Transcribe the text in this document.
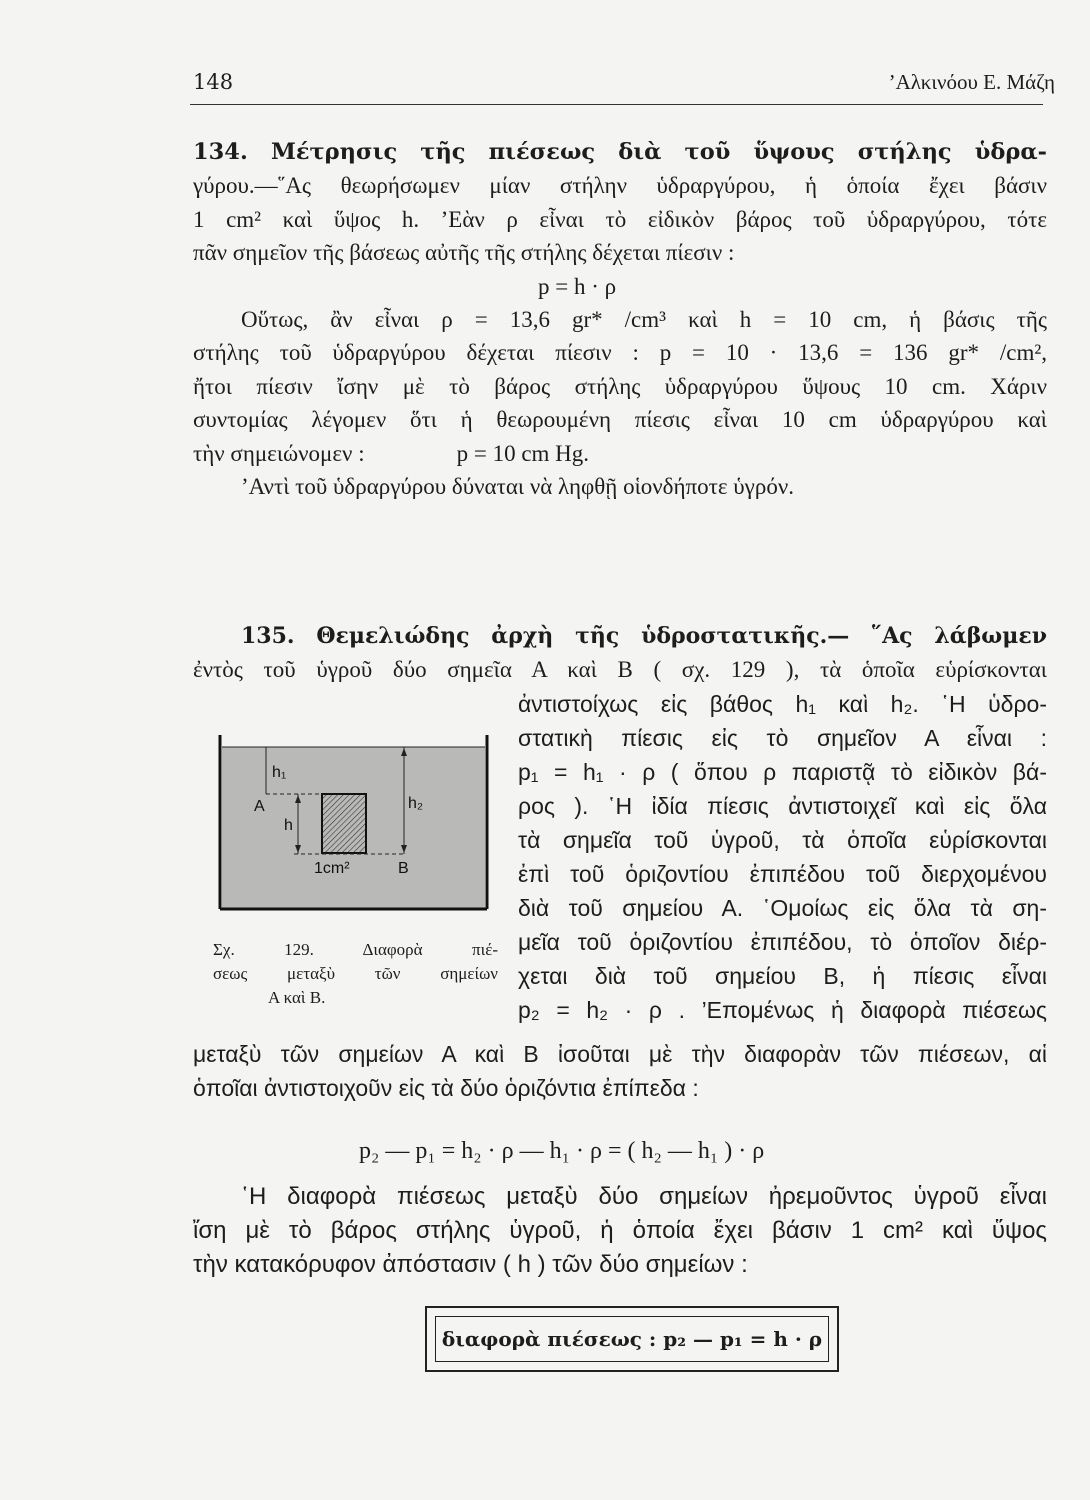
148	’Αλκινόου Ε. Μάζη
134. Μέτρησις τῆς πιέσεως διὰ τοῦ ὕψους στήλης ὑδρα-
γύρου.—῞Ας θεωρήσωμεν μίαν στήλην ὑδραργύρου, ἡ ὁποία ἔχει βάσιν
1 cm² καὶ ὕψος h. ’Εὰν ρ εἶναι τὸ εἰδικὸν βάρος τοῦ ὑδραργύρου, τότε
πᾶν σημεῖον τῆς βάσεως αὐτῆς τῆς στήλης δέχεται πίεσιν :
p = h · ρ
Οὕτως, ἂν εἶναι ρ = 13,6 gr* /cm³ καὶ h = 10 cm, ἡ βάσις τῆς
στήλης τοῦ ὑδραργύρου δέχεται πίεσιν : p = 10 · 13,6 = 136 gr* /cm²,
ἤτοι πίεσιν ἴσην μὲ τὸ βάρος στήλης ὑδραργύρου ὕψους 10 cm. Χάριν
συντομίας λέγομεν ὅτι ἡ θεωρουμένη πίεσις εἶναι 10 cm ὑδραργύρου καὶ
τὴν σημειώνομεν :	p = 10 cm Hg.
’Αντὶ τοῦ ὑδραργύρου δύναται νὰ ληφθῇ οἱονδήποτε ὑγρόν.
135. Θεμελιώδης ἀρχὴ τῆς ὑδροστατικῆς.— ῞Ας λάβωμεν
ἐντὸς τοῦ ὑγροῦ δύο σημεῖα Α καὶ Β ( σχ. 129 ), τὰ ὁποῖα εὑρίσκονται
ἀντιστοίχως εἰς βάθος h₁ καὶ h₂. ῾Η ὑδρο-
στατικὴ πίεσις εἰς τὸ σημεῖον Α εἶναι :
p₁ = h₁ · ρ ( ὅπου ρ παριστᾷ τὸ εἰδικὸν βά-
ρος ). ῾Η ἰδία πίεσις ἀντιστοιχεῖ καὶ εἰς ὅλα
τὰ σημεῖα τοῦ ὑγροῦ, τὰ ὁποῖα εὑρίσκονται
ἐπὶ τοῦ ὁριζοντίου ἐπιπέδου τοῦ διερχομένου
διὰ τοῦ σημείου Α. ῾Ομοίως εἰς ὅλα τὰ ση-
μεῖα τοῦ ὁριζοντίου ἐπιπέδου, τὸ ὁποῖον διέρ-
χεται διὰ τοῦ σημείου Β, ἡ πίεσις εἶναι
p₂ = h₂ · ρ . ’Επομένως ἡ διαφορὰ πιέσεως
h₁
A
h
h₂
1cm²	B
Σχ. 129. Διαφορὰ πιέ-
σεως μεταξὺ τῶν σημείων
Α καὶ Β.
μεταξὺ τῶν σημείων Α καὶ Β ἰσοῦται μὲ τὴν διαφορὰν τῶν πιέσεων, αἱ
ὁποῖαι ἀντιστοιχοῦν εἰς τὰ δύο ὁριζόντια ἐπίπεδα :
p₂ — p₁ = h₂ · ρ — h₁ · ρ = ( h₂ — h₁ ) · ρ
῾Η διαφορὰ πιέσεως μεταξὺ δύο σημείων ἠρεμοῦντος ὑγροῦ εἶναι
ἴση μὲ τὸ βάρος στήλης ὑγροῦ, ἡ ὁποία ἔχει βάσιν 1 cm² καὶ ὕψος
τὴν κατακόρυφον ἀπόστασιν ( h ) τῶν δύο σημείων :
διαφορὰ πιέσεως : p₂ — p₁ = h · ρ
